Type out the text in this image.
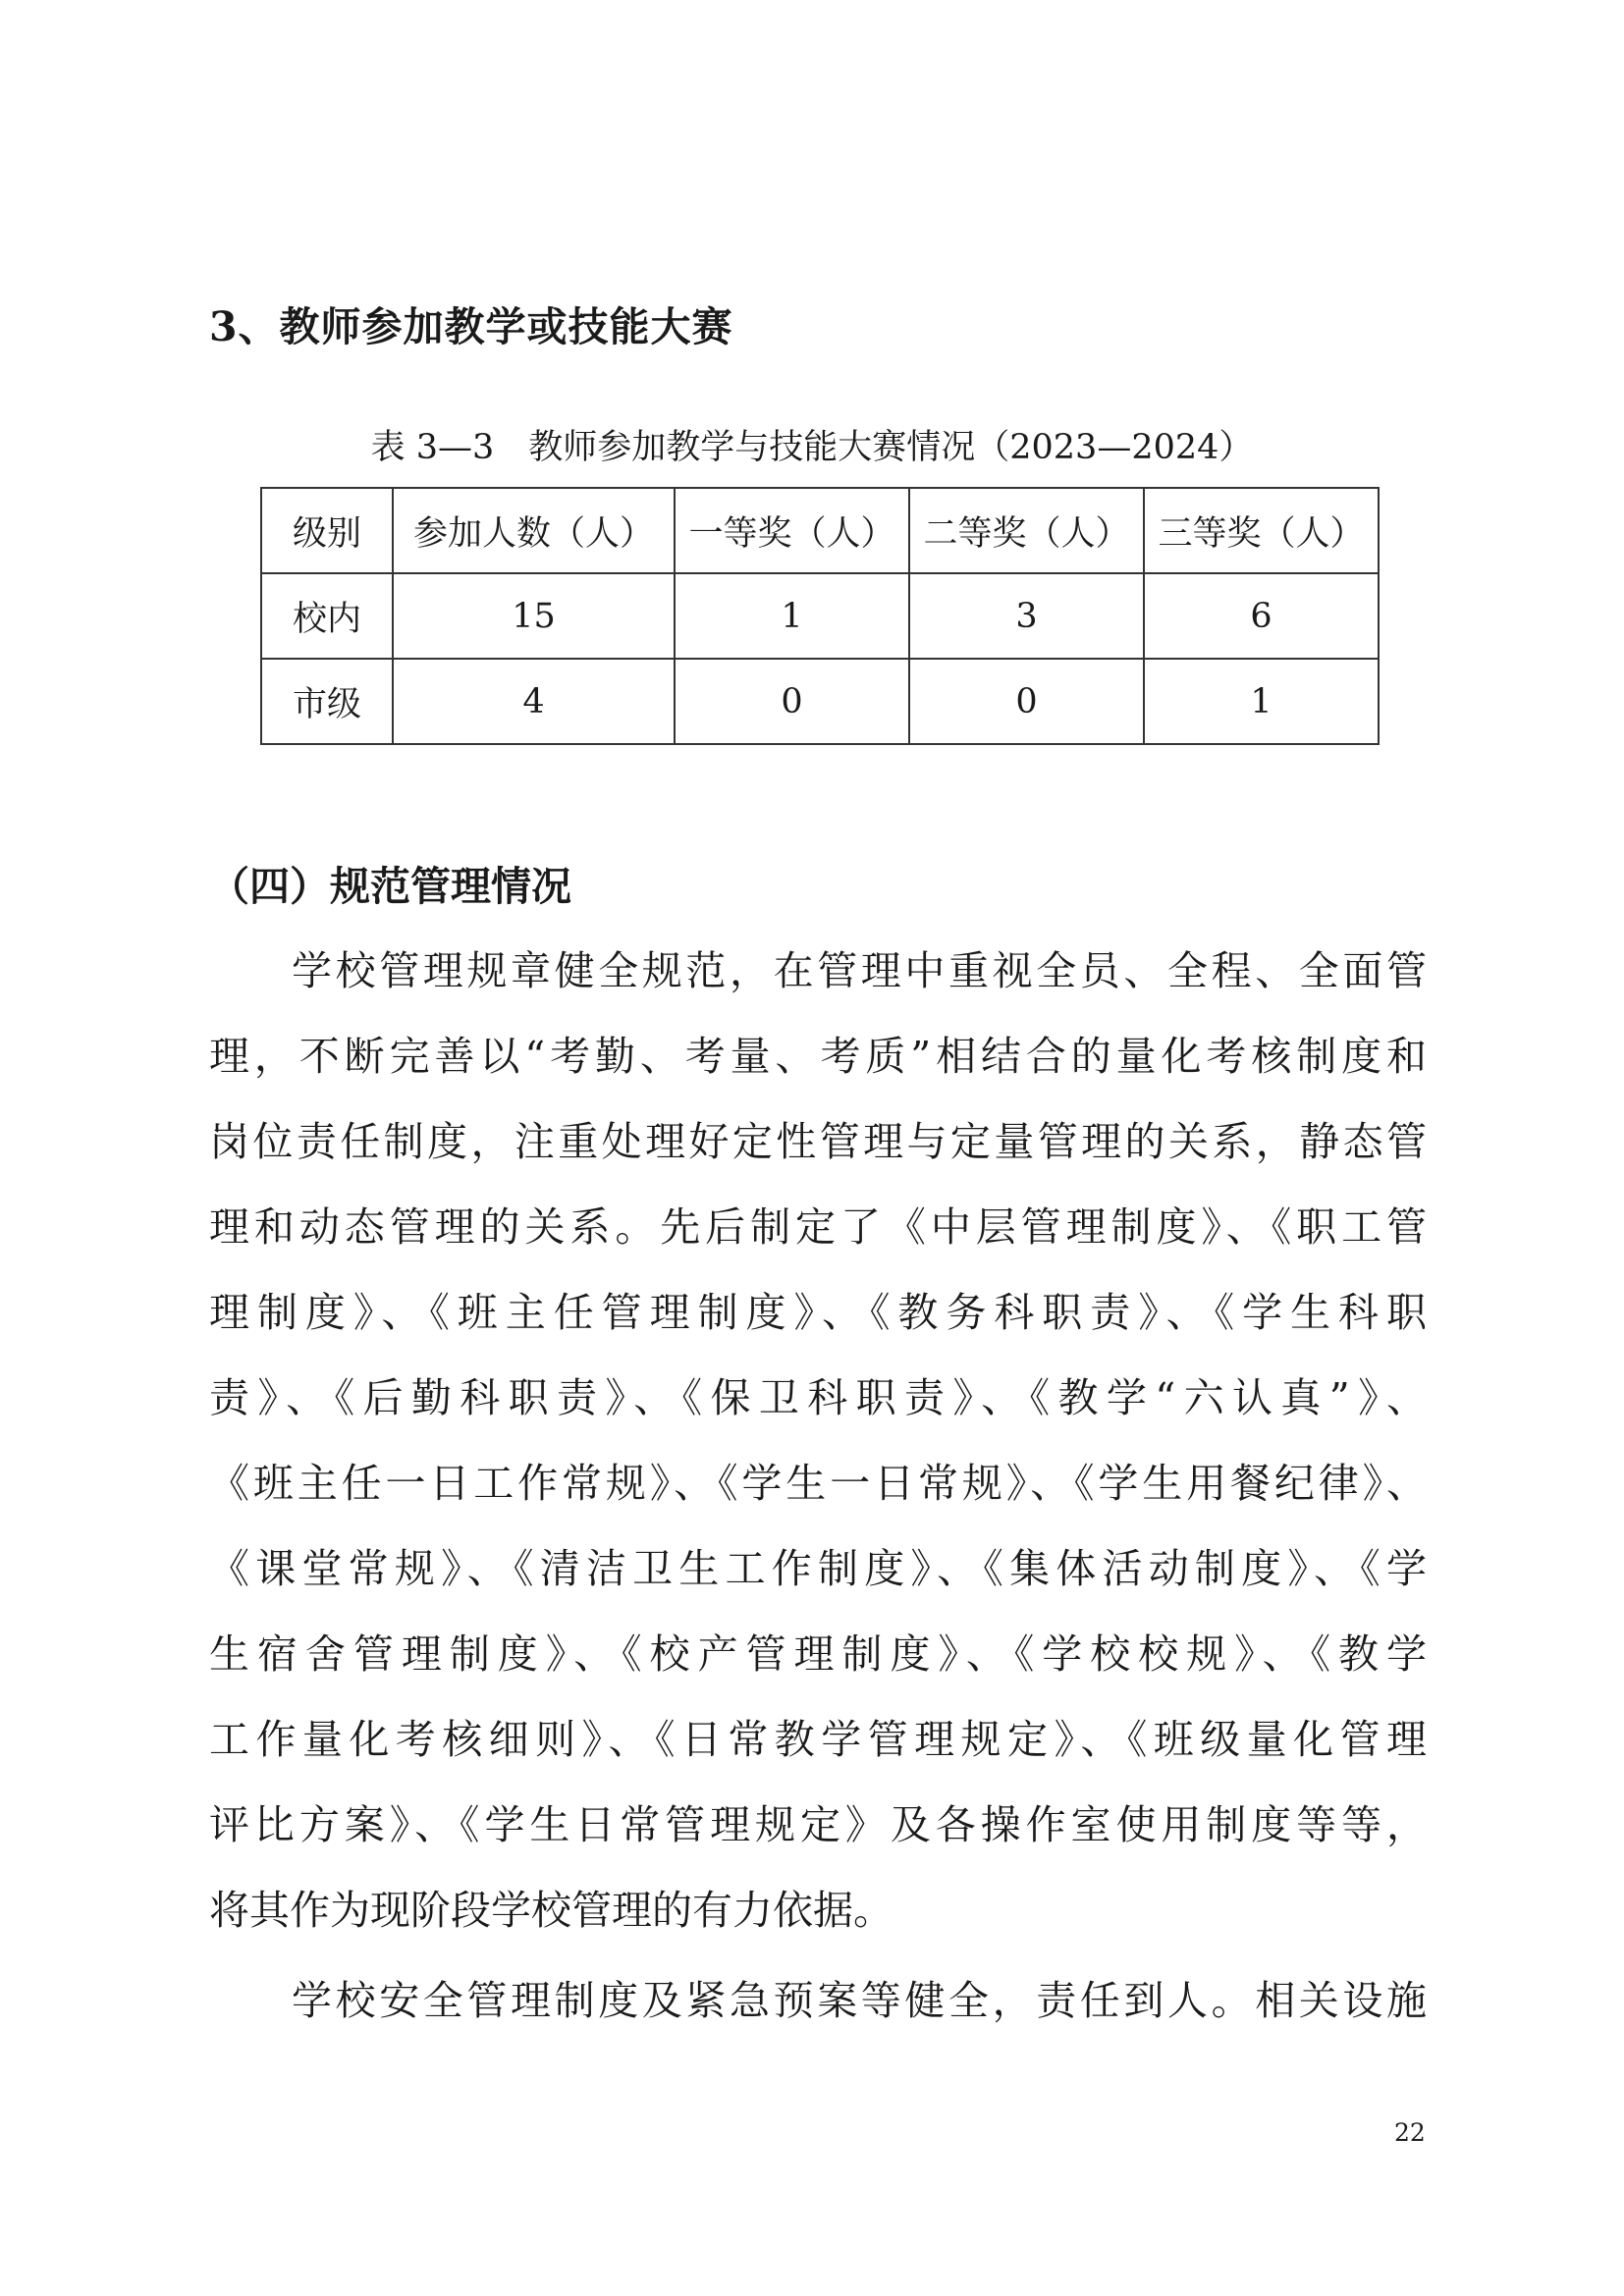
3、教师参加教学或技能大赛
表 3—3　教师参加教学与技能大赛情况（2023—2024）
级别	参加人数（人）	一等奖（人）	二等奖（人）	三等奖（人）
校内	15	1	3	6
市级	4	0	0	1
（四）规范管理情况
学校管理规章健全规范，在管理中重视全员、全程、全面管
理，不断完善以“考勤、考量、考质”相结合的量化考核制度和
岗位责任制度，注重处理好定性管理与定量管理的关系，静态管
理和动态管理的关系。先后制定了《中层管理制度》、《职工管
理制度》、《班主任管理制度》、《教务科职责》、《学生科职
责》、《后勤科职责》、《保卫科职责》、《教学“六认真”》、
《班主任一日工作常规》、《学生一日常规》、《学生用餐纪律》、
《课堂常规》、《清洁卫生工作制度》、《集体活动制度》、《学
生宿舍管理制度》、《校产管理制度》、《学校校规》、《教学
工作量化考核细则》、《日常教学管理规定》、《班级量化管理
评比方案》、《学生日常管理规定》及各操作室使用制度等等，
将其作为现阶段学校管理的有力依据。
学校安全管理制度及紧急预案等健全，责任到人。相关设施
22
